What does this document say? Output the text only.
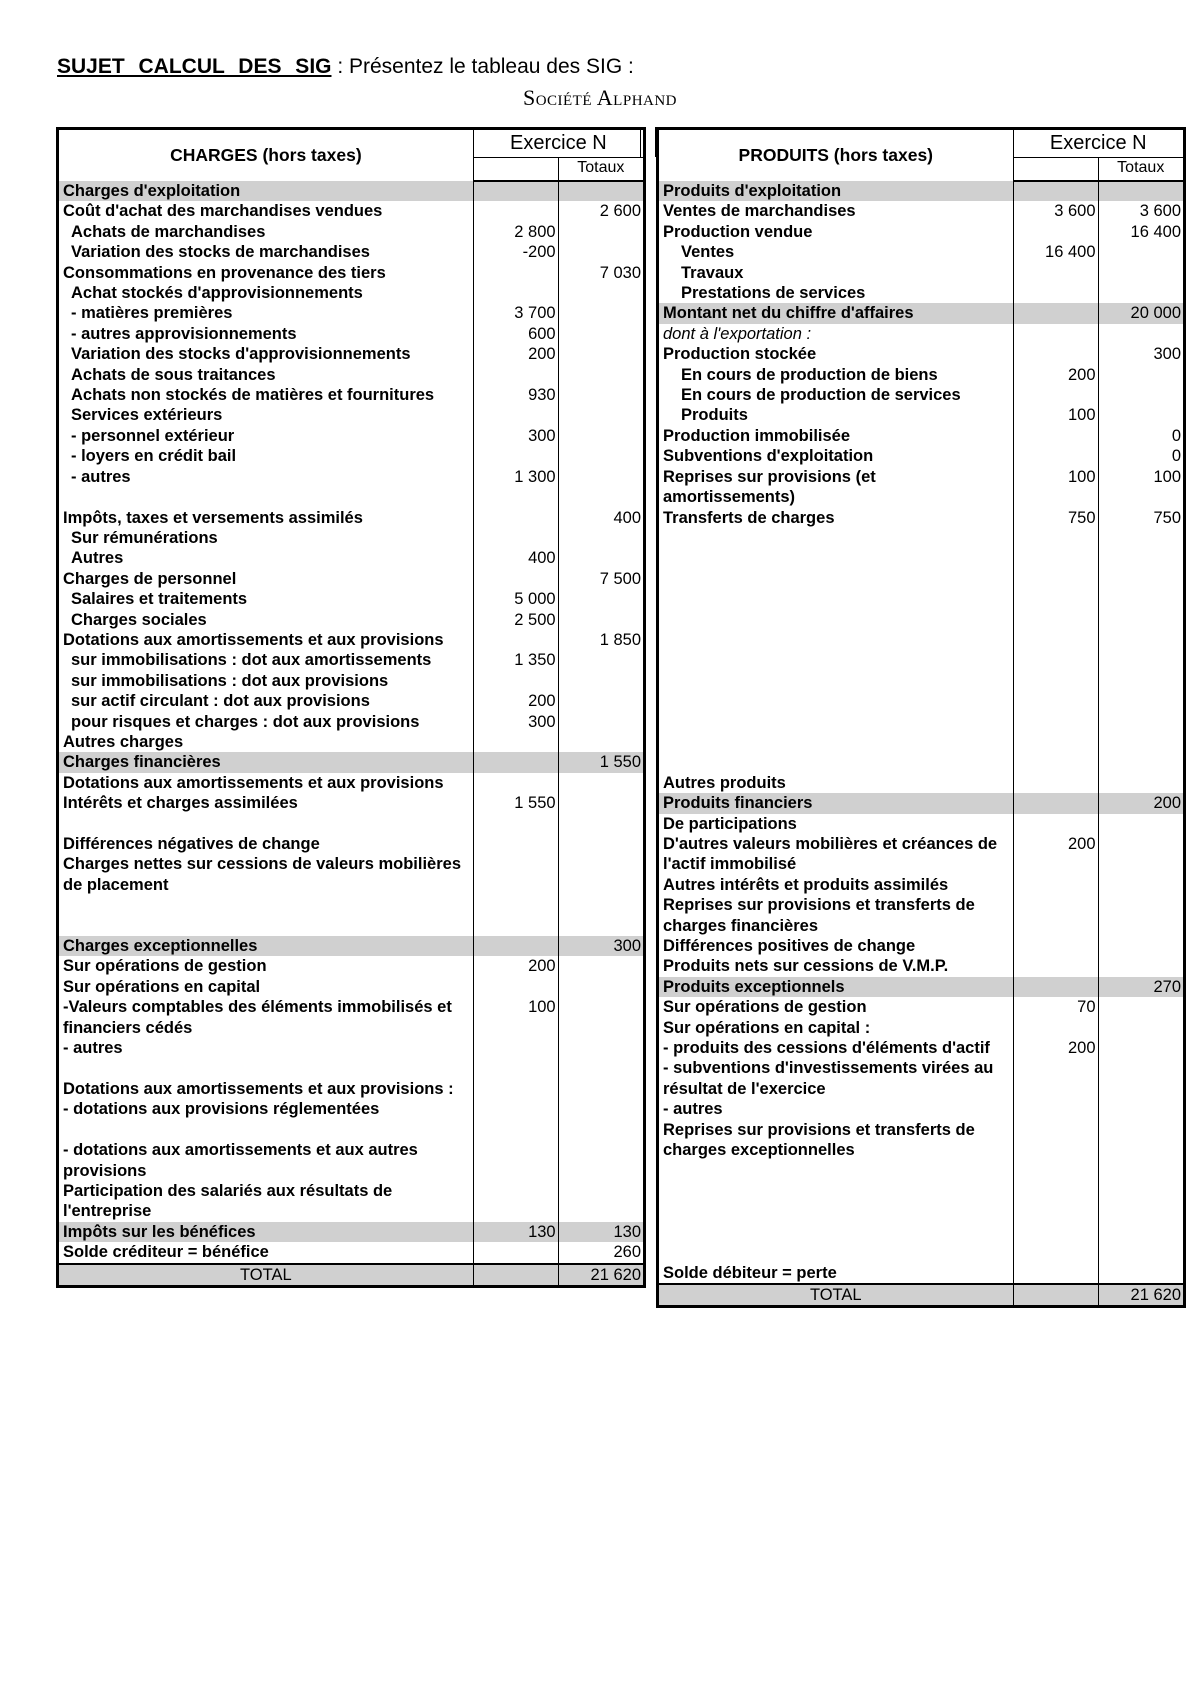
SUJET CALCUL DES SIG : Présentez le tableau des SIG :
Société Alphand
CHARGES (hors taxes)	Exercice N	
		Totaux
Charges d'exploitation		
Coût d'achat des marchandises vendues		2 600
Achats de marchandises	2 800	
Variation des stocks de marchandises	-200	
Consommations en provenance des tiers		7 030
Achat stockés d'approvisionnements		
- matières premières	3 700	
- autres approvisionnements	600	
Variation des stocks d'approvisionnements	200	
Achats de sous traitances		
Achats non stockés de matières et fournitures	930	
Services extérieurs		
- personnel extérieur	300	
- loyers en crédit bail		
- autres	1 300	

Impôts, taxes et versements assimilés		400
Sur rémunérations		
Autres	400	
Charges de personnel		7 500
Salaires et traitements	5 000	
Charges sociales	2 500	
Dotations aux amortissements et aux provisions		1 850
sur immobilisations : dot aux amortissements	1 350	
sur immobilisations : dot aux provisions		
sur actif circulant : dot aux provisions	200	
pour risques et charges : dot aux provisions	300	
Autres charges		
Charges financières		1 550
Dotations aux amortissements et aux provisions		
Intérêts et charges assimilées	1 550	

Différences négatives de change		
Charges nettes sur cessions de valeurs mobilières de placement		

Charges exceptionnelles		300
Sur opérations de gestion	200	
Sur opérations en capital		
-Valeurs comptables des éléments immobilisés et financiers cédés	100	
- autres		

Dotations aux amortissements et aux provisions :		
- dotations aux provisions réglementées		

- dotations aux amortissements et aux autres provisions		
Participation des salariés aux résultats de l'entreprise		
Impôts sur les bénéfices	130	130
Solde créditeur = bénéfice		260
TOTAL		21 620
PRODUITS (hors taxes)	Exercice N	
		Totaux
Produits d'exploitation		
Ventes de marchandises	3 600	3 600
Production vendue		16 400
Ventes	16 400	
Travaux		
Prestations de services		
Montant net du chiffre d'affaires		20 000
dont à l'exportation :		
Production stockée		300
En cours de production de biens	200	
En cours de production de services		
Produits	100	
Production immobilisée		0
Subventions d'exploitation		0
Reprises sur provisions (et amortissements)	100	100
Transferts de charges	750	750

Autres produits		
Produits financiers		200
De participations		
D'autres valeurs mobilières et créances de l'actif immobilisé	200	
Autres intérêts et produits assimilés		
Reprises sur provisions et transferts de charges financières		
Différences positives de change		
Produits nets sur cessions de V.M.P.		
Produits exceptionnels		270
Sur opérations de gestion	70	
Sur opérations en capital :		
- produits des cessions d'éléments d'actif	200	
- subventions d'investissements virées au résultat de l'exercice		
- autres		
Reprises sur provisions et transferts de charges exceptionnelles		

Solde débiteur = perte		
TOTAL		21 620
